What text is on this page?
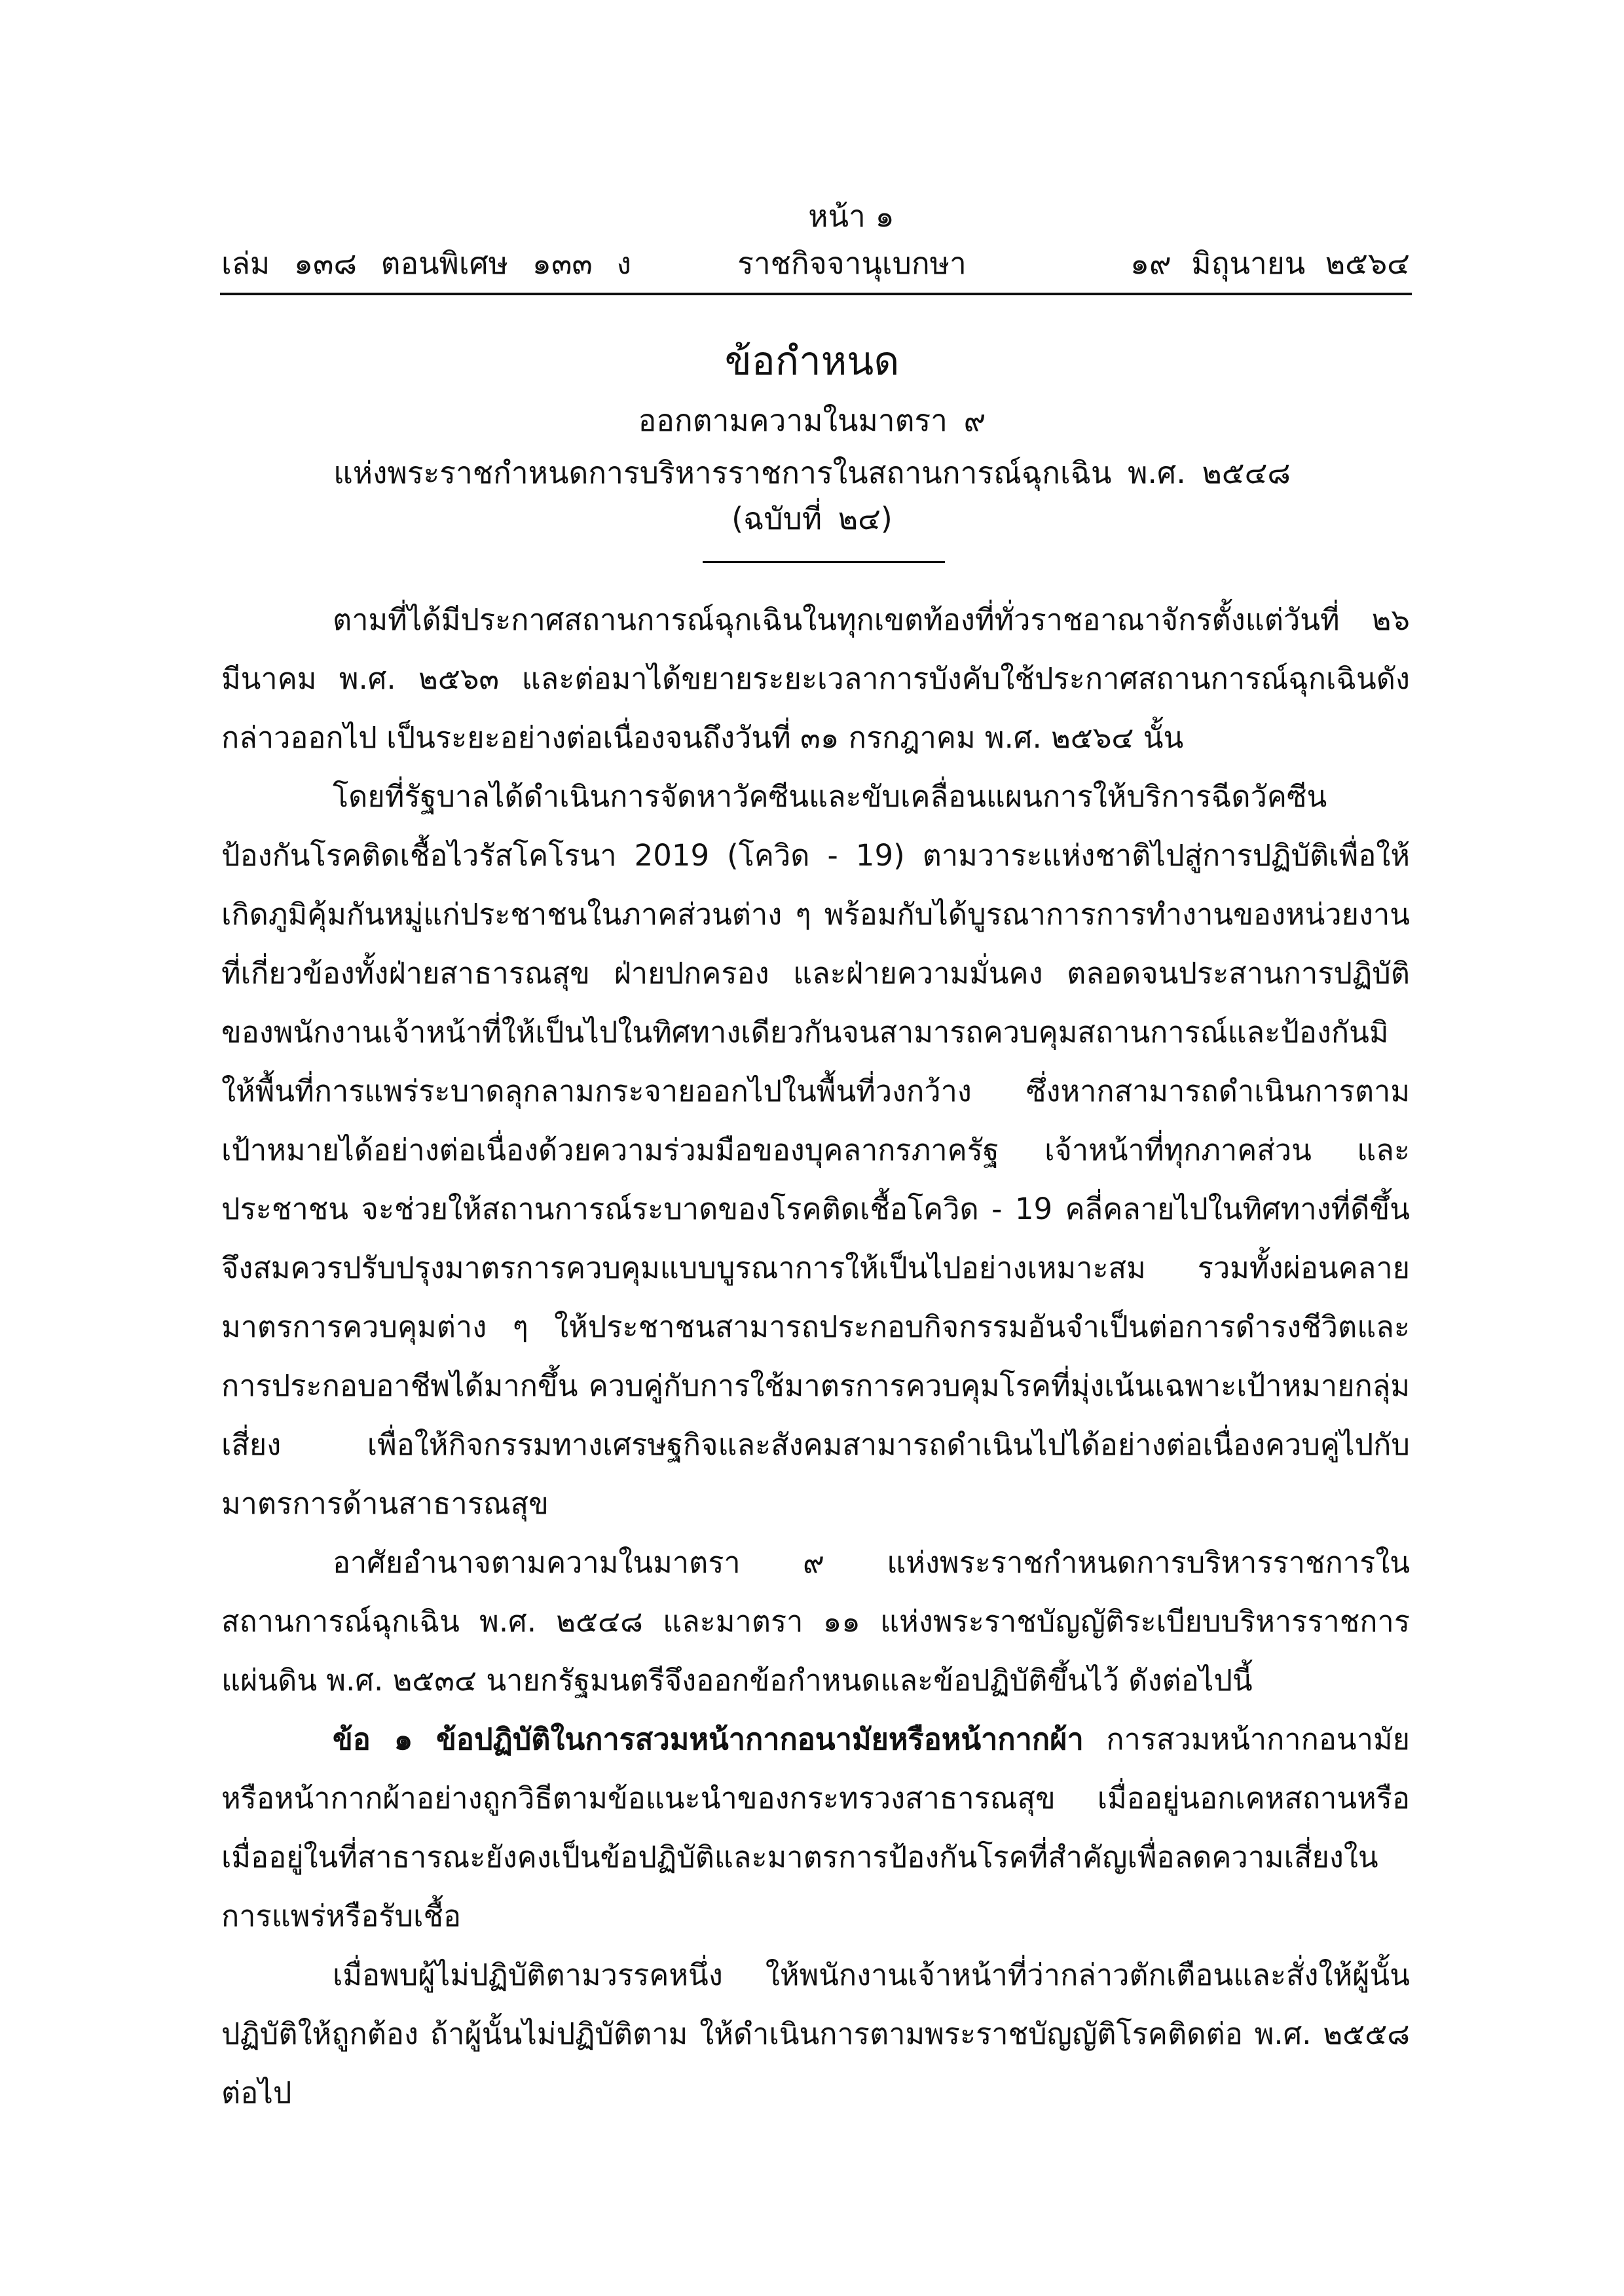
หน้า ๑
เล่ม ๑๓๘ ตอนพิเศษ ๑๓๓ ง	ราชกิจจานุเบกษา	๑๙ มิถุนายน ๒๕๖๔
ข้อกำหนด
ออกตามความในมาตรา ๙
แห่งพระราชกำหนดการบริหารราชการในสถานการณ์ฉุกเฉิน พ.ศ. ๒๕๔๘
(ฉบับที่ ๒๔)

ตามที่ได้มีประกาศสถานการณ์ฉุกเฉินในทุกเขตท้องที่ทั่วราชอาณาจักรตั้งแต่วันที่ ๒๖ มีนาคม พ.ศ. ๒๕๖๓ และต่อมาได้ขยายระยะเวลาการบังคับใช้ประกาศสถานการณ์ฉุกเฉินดังกล่าวออกไป เป็นระยะอย่างต่อเนื่องจนถึงวันที่ ๓๑ กรกฎาคม พ.ศ. ๒๕๖๔ นั้น

โดยที่รัฐบาลได้ดำเนินการจัดหาวัคซีนและขับเคลื่อนแผนการให้บริการฉีดวัคซีนป้องกันโรคติดเชื้อไวรัสโคโรนา 2019 (โควิด - 19) ตามวาระแห่งชาติไปสู่การปฏิบัติเพื่อให้เกิดภูมิคุ้มกันหมู่แก่ประชาชนในภาคส่วนต่าง ๆ พร้อมกับได้บูรณาการการทำงานของหน่วยงานที่เกี่ยวข้องทั้งฝ่ายสาธารณสุข ฝ่ายปกครอง และฝ่ายความมั่นคง ตลอดจนประสานการปฏิบัติของพนักงานเจ้าหน้าที่ให้เป็นไปในทิศทางเดียวกันจนสามารถควบคุมสถานการณ์และป้องกันมิให้พื้นที่การแพร่ระบาดลุกลามกระจายออกไปในพื้นที่วงกว้าง ซึ่งหากสามารถดำเนินการตามเป้าหมายได้อย่างต่อเนื่องด้วยความร่วมมือของบุคลากรภาครัฐ เจ้าหน้าที่ทุกภาคส่วน และประชาชน จะช่วยให้สถานการณ์ระบาดของโรคติดเชื้อโควิด - 19 คลี่คลายไปในทิศทางที่ดีขึ้น จึงสมควรปรับปรุงมาตรการควบคุมแบบบูรณาการให้เป็นไปอย่างเหมาะสม รวมทั้งผ่อนคลายมาตรการควบคุมต่าง ๆ ให้ประชาชนสามารถประกอบกิจกรรมอันจำเป็นต่อการดำรงชีวิตและการประกอบอาชีพได้มากขึ้น ควบคู่กับการใช้มาตรการควบคุมโรคที่มุ่งเน้นเฉพาะเป้าหมายกลุ่มเสี่ยง เพื่อให้กิจกรรมทางเศรษฐกิจและสังคมสามารถดำเนินไปได้อย่างต่อเนื่องควบคู่ไปกับมาตรการด้านสาธารณสุข

อาศัยอำนาจตามความในมาตรา ๙ แห่งพระราชกำหนดการบริหารราชการในสถานการณ์ฉุกเฉิน พ.ศ. ๒๕๔๘ และมาตรา ๑๑ แห่งพระราชบัญญัติระเบียบบริหารราชการแผ่นดิน พ.ศ. ๒๕๓๔ นายกรัฐมนตรีจึงออกข้อกำหนดและข้อปฏิบัติขึ้นไว้ ดังต่อไปนี้

ข้อ ๑ ข้อปฏิบัติในการสวมหน้ากากอนามัยหรือหน้ากากผ้า การสวมหน้ากากอนามัยหรือหน้ากากผ้าอย่างถูกวิธีตามข้อแนะนำของกระทรวงสาธารณสุข เมื่ออยู่นอกเคหสถานหรือเมื่ออยู่ในที่สาธารณะยังคงเป็นข้อปฏิบัติและมาตรการป้องกันโรคที่สำคัญเพื่อลดความเสี่ยงในการแพร่หรือรับเชื้อ

เมื่อพบผู้ไม่ปฏิบัติตามวรรคหนึ่ง ให้พนักงานเจ้าหน้าที่ว่ากล่าวตักเตือนและสั่งให้ผู้นั้นปฏิบัติให้ถูกต้อง ถ้าผู้นั้นไม่ปฏิบัติตาม ให้ดำเนินการตามพระราชบัญญัติโรคติดต่อ พ.ศ. ๒๕๕๘ ต่อไป
